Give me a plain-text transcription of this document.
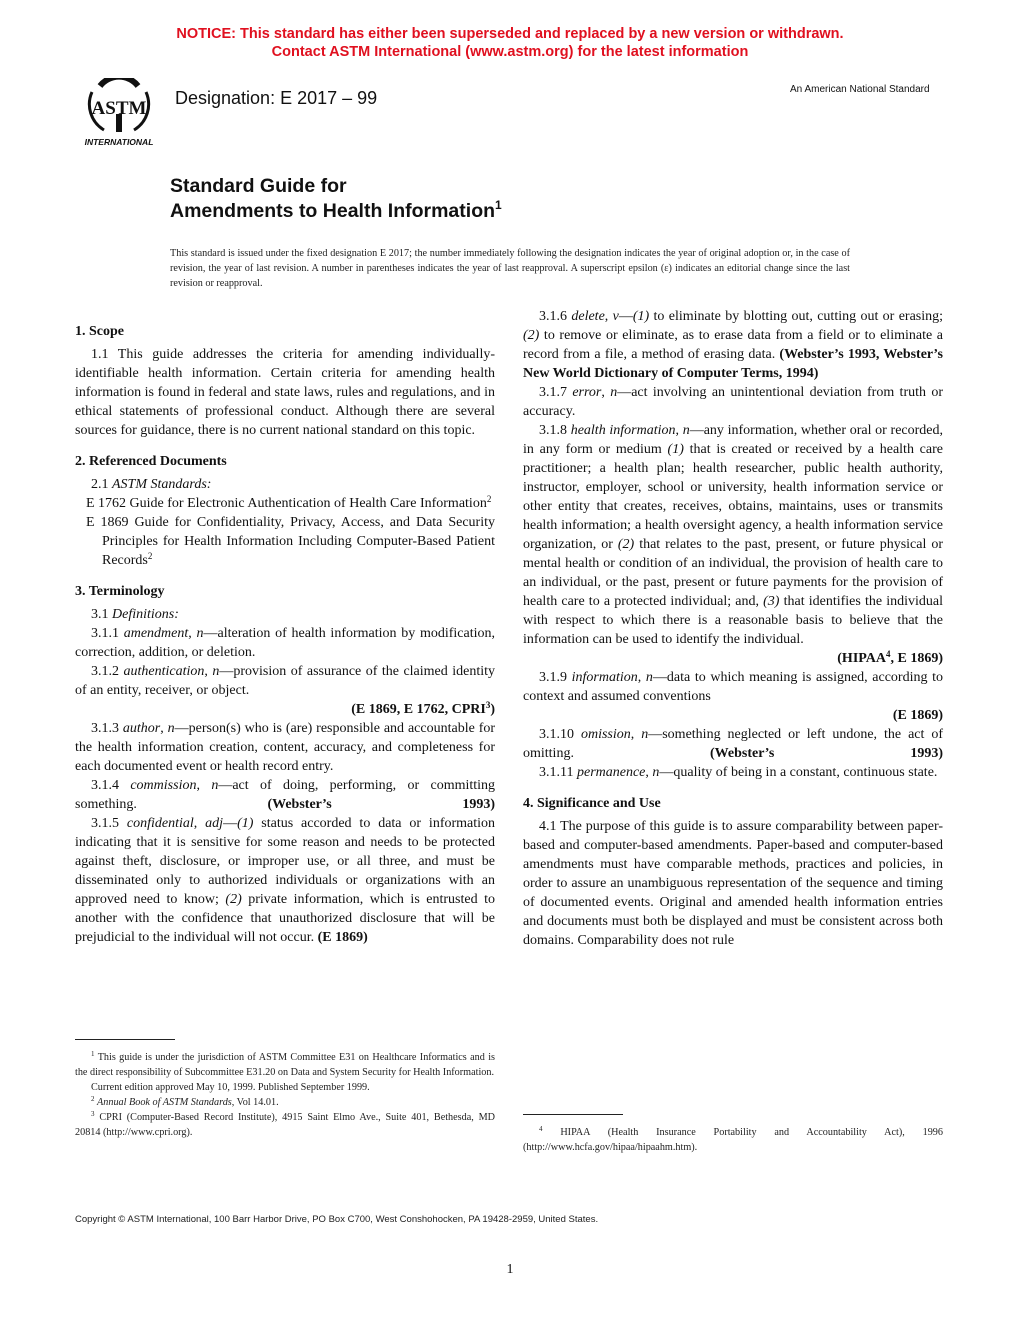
NOTICE: This standard has either been superseded and replaced by a new version or withdrawn.
Contact ASTM International (www.astm.org) for the latest information
ASTM
INTERNATIONAL
Designation: E 2017 – 99	An American National Standard
Standard Guide for
Amendments to Health Information$^1$
This standard is issued under the fixed designation E 2017; the number immediately following the designation indicates the year of original adoption or, in the case of revision, the year of last revision. A number in parentheses indicates the year of last reapproval. A superscript epsilon (ε) indicates an editorial change since the last revision or reapproval.

1. Scope

1.1 This guide addresses the criteria for amending individually-identifiable health information. Certain criteria for amending health information is found in federal and state laws, rules and regulations, and in ethical statements of professional conduct. Although there are several sources for guidance, there is no current national standard on this topic.

2. Referenced Documents

2.1 ASTM Standards:

E 1762 Guide for Electronic Authentication of Health Care Information$^2$

E 1869 Guide for Confidentiality, Privacy, Access, and Data Security Principles for Health Information Including Computer-Based Patient Records$^2$

3. Terminology

3.1 Definitions:

3.1.1 amendment, n—alteration of health information by modification, correction, addition, or deletion.

3.1.2 authentication, n—provision of assurance of the claimed identity of an entity, receiver, or object.

(E 1869, E 1762, CPRI$^3$)

3.1.3 author, n—person(s) who is (are) responsible and accountable for the health information creation, content, accuracy, and completeness for each documented event or health record entry.

3.1.4 commission, n—act of doing, performing, or committing something.	(Webster’s 1993)

3.1.5 confidential, adj—(1) status accorded to data or information indicating that it is sensitive for some reason and needs to be protected against theft, disclosure, or improper use, or all three, and must be disseminated only to authorized individuals or organizations with an approved need to know; (2) private information, which is entrusted to another with the confidence that unauthorized disclosure that will be prejudicial to the individual will not occur. (E 1869)

3.1.6 delete, v—(1) to eliminate by blotting out, cutting out or erasing; (2) to remove or eliminate, as to erase data from a field or to eliminate a record from a file, a method of erasing data. (Webster’s 1993, Webster’s New World Dictionary of Computer Terms, 1994)

3.1.7 error, n—act involving an unintentional deviation from truth or accuracy.

3.1.8 health information, n—any information, whether oral or recorded, in any form or medium (1) that is created or received by a health care practitioner; a health plan; health researcher, public health authority, instructor, employer, school or university, health information service or other entity that creates, receives, obtains, maintains, uses or transmits health information; a health oversight agency, a health information service organization, or (2) that relates to the past, present, or future physical or mental health or condition of an individual, the provision of health care to an individual, or the past, present or future payments for the provision of health care to a protected individual; and, (3) that identifies the individual with respect to which there is a reasonable basis to believe that the information can be used to identify the individual.

(HIPAA$^4$, E 1869)

3.1.9 information, n—data to which meaning is assigned, according to context and assumed conventions

(E 1869)

3.1.10 omission, n—something neglected or left undone, the act of omitting.	(Webster’s 1993)

3.1.11 permanence, n—quality of being in a constant, continuous state.

4. Significance and Use

4.1 The purpose of this guide is to assure comparability between paper-based and computer-based amendments. Paper-based and computer-based amendments must have comparable methods, practices and policies, in order to assure an unambiguous representation of the sequence and timing of documented events. Original and amended health information entries and documents must both be displayed and must be consistent across both domains. Comparability does not rule

$^1$ This guide is under the jurisdiction of ASTM Committee E31 on Healthcare Informatics and is the direct responsibility of Subcommittee E31.20 on Data and System Security for Health Information.

Current edition approved May 10, 1999. Published September 1999.

$^2$ Annual Book of ASTM Standards, Vol 14.01.

$^3$ CPRI (Computer-Based Record Institute), 4915 Saint Elmo Ave., Suite 401, Bethesda, MD 20814 (http://www.cpri.org).	$^4$ HIPAA (Health Insurance Portability and Accountability Act), 1996 (http://www.hcfa.gov/hipaa/hipaahm.htm).

Copyright © ASTM International, 100 Barr Harbor Drive, PO Box C700, West Conshohocken, PA 19428-2959, United States.
1
